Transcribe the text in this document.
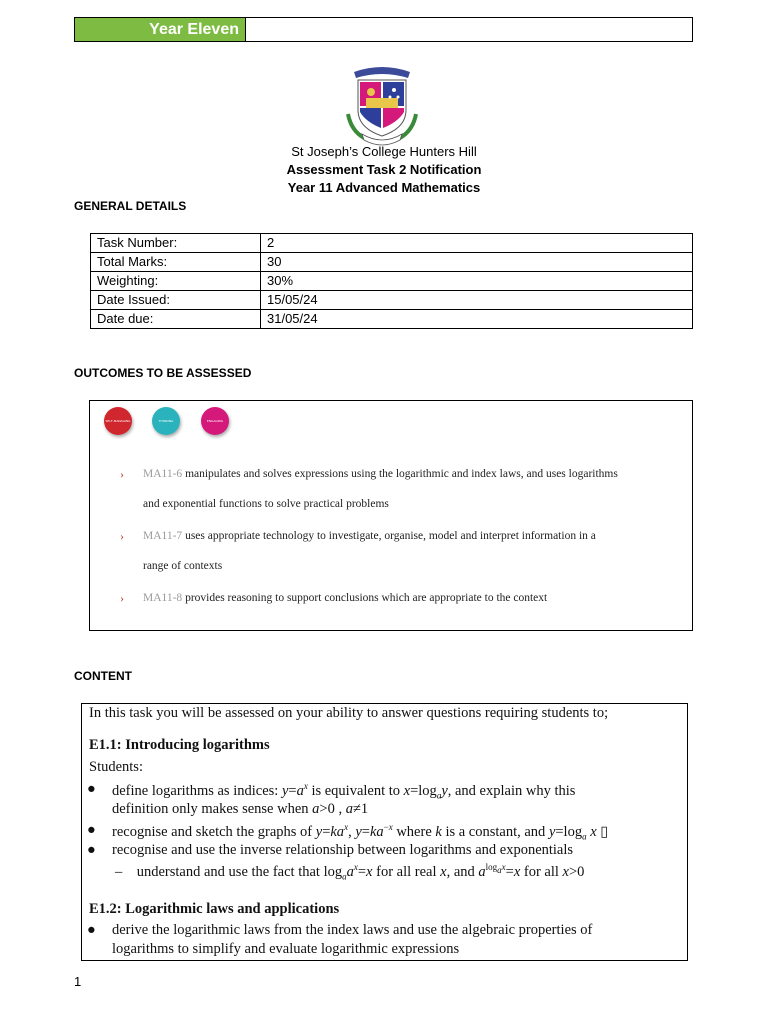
Year Eleven
St Joseph’s College Hunters Hill
Assessment Task 2 Notification
Year 11 Advanced Mathematics
GENERAL DETAILS
Task Number:	2
Total Marks:	30
Weighting:	30%
Date Issued:	15/05/24
Date due:	31/05/24
OUTCOMES TO BE ASSESSED
SELF-MANAGING	THINKING CRITICALLY
ENGAGING
› MA11-6 manipulates and solves expressions using the logarithmic and index laws, and uses logarithms
and exponential functions to solve practical problems
› MA11-7 uses appropriate technology to investigate, organise, model and interpret information in a
range of contexts
› MA11-8 provides reasoning to support conclusions which are appropriate to the context
CONTENT
In this task you will be assessed on your ability to answer questions requiring students to;
E1.1: Introducing logarithms
Students:
● define logarithms as indices: $y=a^x$ is equivalent to $x=\log_ay$, and explain why this
definition only makes sense when a>0 , a≠1
● recognise and sketch the graphs of $y=ka^x$, $y=ka^{-x}$ where k is a constant, and $y=\log_a$ x ▯
● recognise and use the inverse relationship between logarithms and exponentials
–    understand and use the fact that $\log_aa^x=x$ for all real x, and $a^{log_ax}=x$ for all x>0
E1.2: Logarithmic laws and applications
● derive the logarithmic laws from the index laws and use the algebraic properties of
logarithms to simplify and evaluate logarithmic expressions
1
